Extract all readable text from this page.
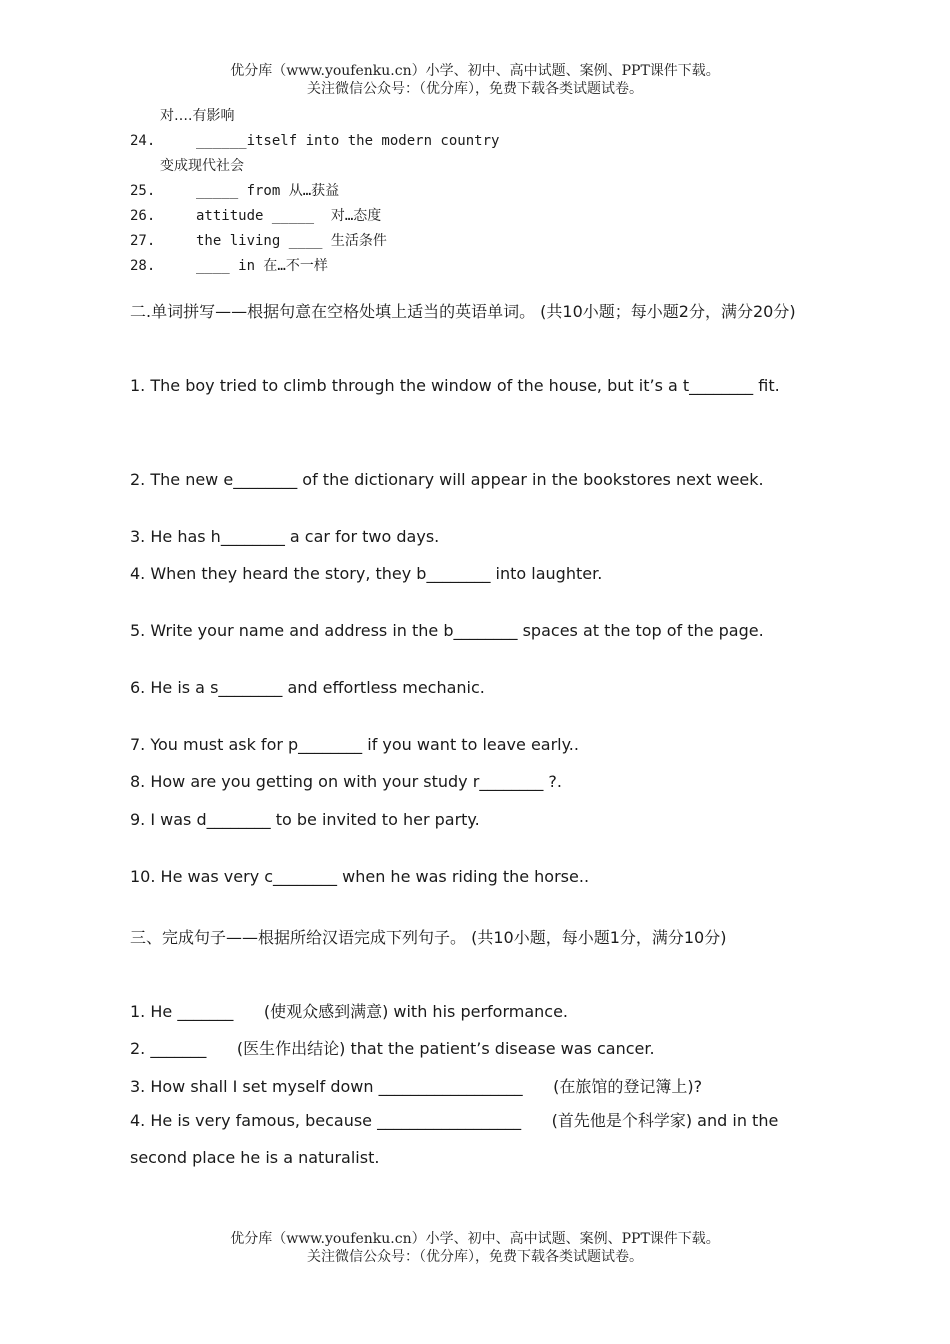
优分库（www.youfenku.cn）小学、初中、高中试题、案例、PPT课件下载。
关注微信公众号：（优分库），免费下载各类试题试卷。
对….有影响
24.	______itself into the modern country
变成现代社会
25.	_____ from 从…获益
26.	attitude _____  对…态度
27.	the living ____ 生活条件
28.	____ in 在…不一样
二.单词拼写——根据句意在空格处填上适当的英语单词。 (共10小题；每小题2分，满分20分)
1. The boy tried to climb through the window of the house, but it’s a t________ fit.
2. The new e________ of the dictionary will appear in the bookstores next week.
3. He has h________ a car for two days.
4. When they heard the story, they b________ into laughter.
5. Write your name and address in the b________ spaces at the top of the page.
6. He is a s________ and effortless mechanic.
7. You must ask for p________ if you want to leave early..
8. How are you getting on with your study r________ ?.
9. I was d________ to be invited to her party.
10. He was very c________ when he was riding the horse..
三、完成句子——根据所给汉语完成下列句子。 (共10小题，每小题1分，满分10分)
1. He _______      (使观众感到满意) with his performance.
2. _______      (医生作出结论) that the patient’s disease was cancer.
3. How shall I set myself down __________________      (在旅馆的登记簿上)?
4. He is very famous, because __________________      (首先他是个科学家) and in the second place he is a naturalist.
优分库（www.youfenku.cn）小学、初中、高中试题、案例、PPT课件下载。
关注微信公众号：（优分库），免费下载各类试题试卷。
